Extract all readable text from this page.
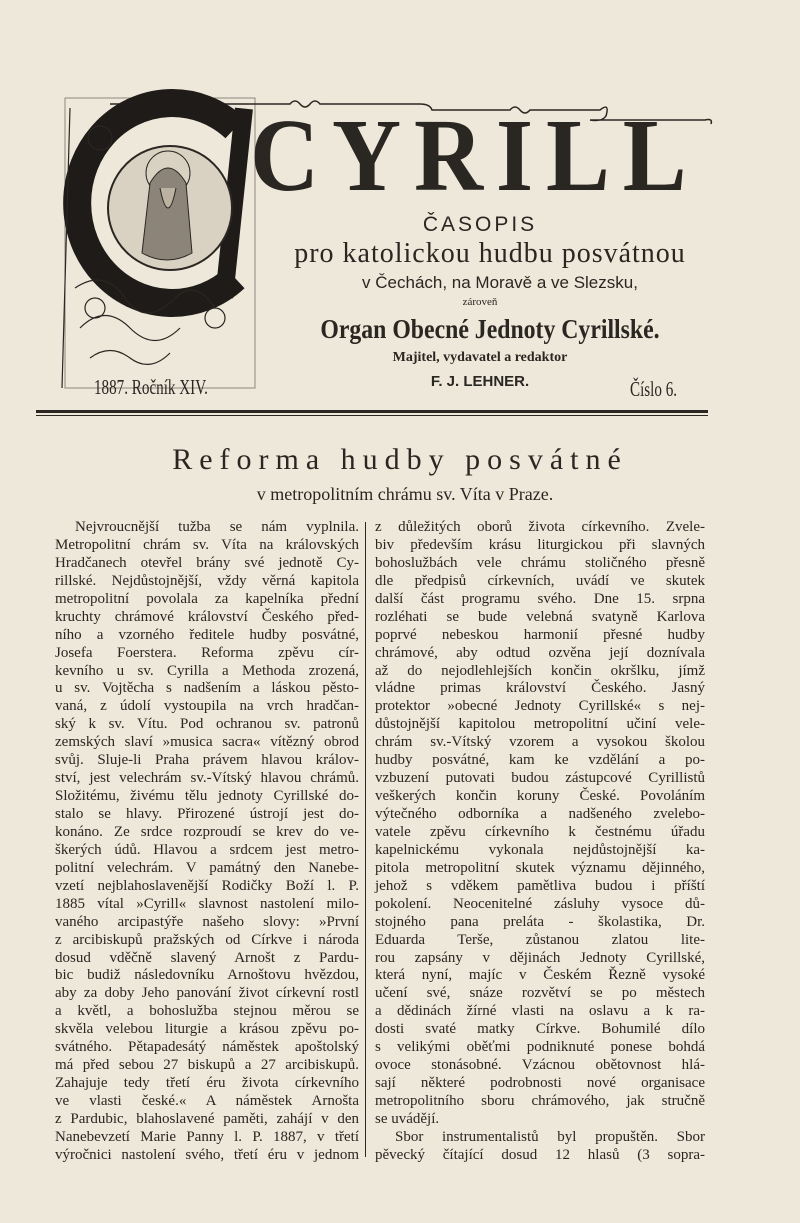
CYRILL
ČASOPIS
pro katolickou hudbu posvátnou
v Čechách, na Moravě a ve Slezsku,
zároveň
Organ Obecné Jednoty Cyrillské.
Majitel, vydavatel a redaktor
F. J. LEHNER.
1887. Ročník XIV.	Číslo 6.
Reforma hudby posvátné
v metropolitním chrámu sv. Víta v Praze.
Nejvroucnější tužba se nám vyplnila.
Metropolitní chrám sv. Víta na královských
Hradčanech otevřel brány své jednotě Cy-
rillské. Nejdůstojnější, vždy věrná kapitola
metropolitní povolala za kapelníka přední
kruchty chrámové království Českého před-
ního a vzorného ředitele hudby posvátné,
Josefa Foerstera. Reforma zpěvu cír-
kevního u sv. Cyrilla a Methoda zrozená,
u sv. Vojtěcha s nadšením a láskou pěsto-
vaná, z údolí vystoupila na vrch hradčan-
ský k sv. Vítu. Pod ochranou sv. patronů
zemských slaví »musica sacra« vítězný obrod
svůj. Sluje-li Praha právem hlavou králov-
ství, jest velechrám sv.-Vítský hlavou chrámů.
Složitému, živému tělu jednoty Cyrillské do-
stalo se hlavy. Přirozené ústrojí jest do-
konáno. Ze srdce rozproudí se krev do ve-
škerých údů. Hlavou a srdcem jest metro-
politní velechrám. V památný den Nanebe-
vzetí nejblahoslavenější Rodičky Boží l. P.
1885 vítal »Cyrill« slavnost nastolení milo-
vaného arcipastýře našeho slovy: »První
z arcibiskupů pražských od Církve i národa
dosud vděčně slavený Arnošt z Pardu-
bic budiž následovníku Arnoštovu hvězdou,
aby za doby Jeho panování život církevní rostl
a květl, a bohoslužba stejnou měrou se
skvěla velebou liturgie a krásou zpěvu po-
svátného. Pětapadesátý náměstek apoštolský
má před sebou 27 biskupů a 27 arcibiskupů.
Zahajuje tedy třetí éru života církevního
ve vlasti české.« A náměstek Arnošta
z Pardubic, blahoslavené paměti, zahájí v den
Nanebevzetí Marie Panny l. P. 1887, v třetí
výročnici nastolení svého, třetí éru v jednom
z důležitých oborů života církevního. Zvele-
biv především krásu liturgickou při slavných
bohoslužbách vele chrámu stoličného přesně
dle předpisů církevních, uvádí ve skutek
další část programu svého. Dne 15. srpna
rozléhati se bude velebná svatyně Karlova
poprvé nebeskou harmonií přesné hudby
chrámové, aby odtud ozvěna její doznívala
až do nejodlehlejších končin okršlku, jímž
vládne primas království Českého. Jasný
protektor »obecné Jednoty Cyrillské« s nej-
důstojnější kapitolou metropolitní učiní vele-
chrám sv.-Vítský vzorem a vysokou školou
hudby posvátné, kam ke vzdělání a po-
vzbuzení putovati budou zástupcové Cyrillistů
veškerých končin koruny České. Povoláním
výtečného odborníka a nadšeného zvelebo-
vatele zpěvu církevního k čestnému úřadu
kapelnickému vykonala nejdůstojnější ka-
pitola metropolitní skutek významu dějinného,
jehož s vděkem pamětliva budou i příští
pokolení. Neocenitelné zásluhy vysoce dů-
stojného pana preláta - školastika, Dr.
Eduarda Terše, zůstanou zlatou lite-
rou zapsány v dějinách Jednoty Cyrillské,
která nyní, majíc v Českém Řezně vysoké
učení své, snáze rozvětví se po městech
a dědinách žírné vlasti na oslavu a k ra-
dosti svaté matky Církve. Bohumilé dílo
s velikými oběťmi podniknuté ponese bohdá
ovoce stonásobné. Vzácnou obětovnost hlá-
sají některé podrobnosti nové organisace
metropolitního sboru chrámového, jak stručně
se uvádějí.
Sbor instrumentalistů byl propuštěn. Sbor
pěvecký čítající dosud 12 hlasů (3 sopra-
